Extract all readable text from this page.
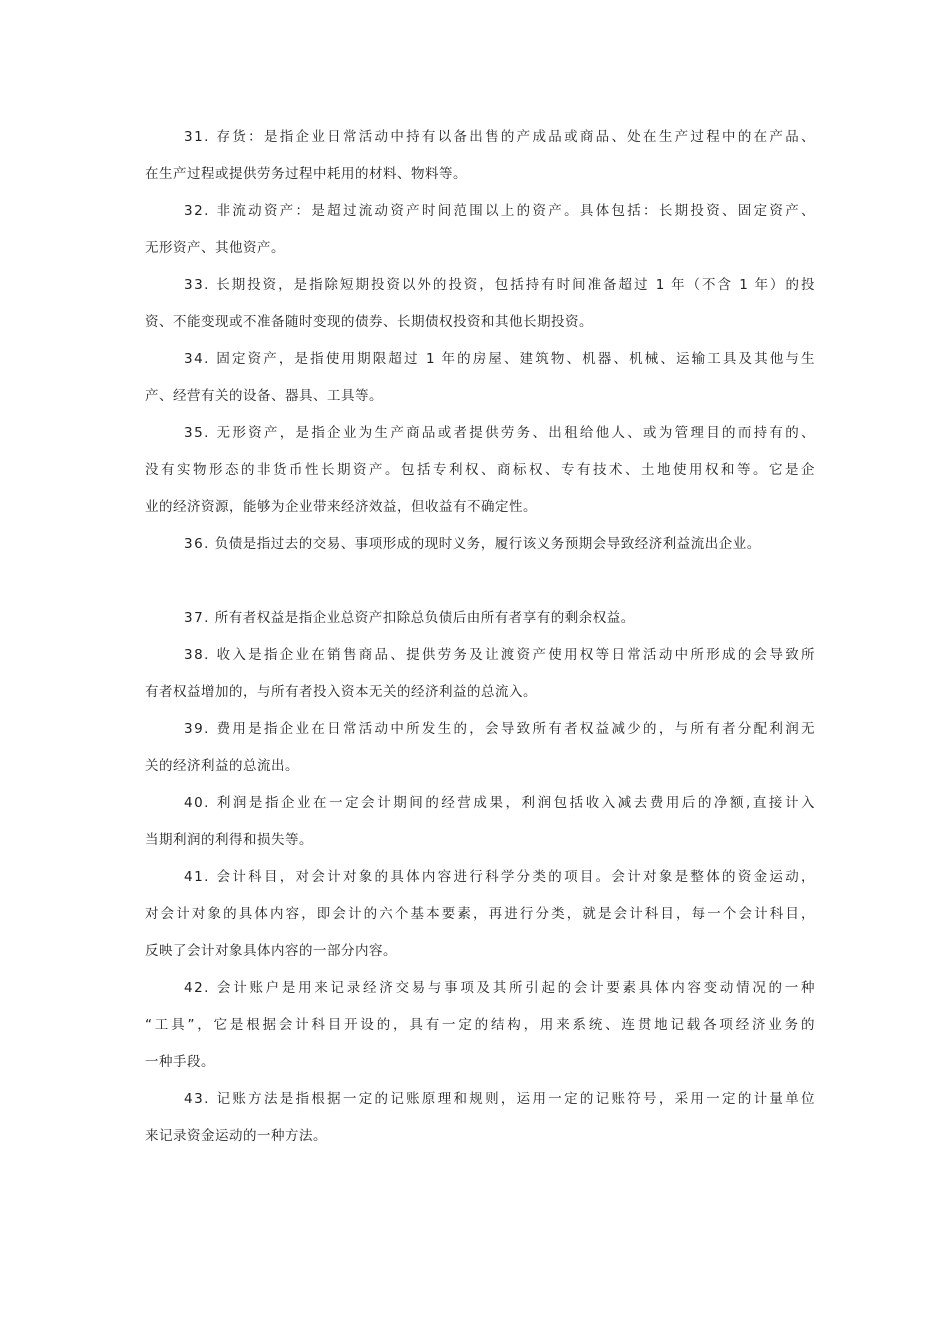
31. 存货：是指企业日常活动中持有以备出售的产成品或商品、处在生产过程中的在产品、
在生产过程或提供劳务过程中耗用的材料、物料等。
32. 非流动资产：是超过流动资产时间范围以上的资产。具体包括：长期投资、固定资产、
无形资产、其他资产。
33. 长期投资，是指除短期投资以外的投资，包括持有时间准备超过 1 年（不含 1 年）的投
资、不能变现或不准备随时变现的债券、长期债权投资和其他长期投资。
34. 固定资产，是指使用期限超过 1 年的房屋、建筑物、机器、机械、运输工具及其他与生
产、经营有关的设备、器具、工具等。
35. 无形资产，是指企业为生产商品或者提供劳务、出租给他人、或为管理目的而持有的、
没有实物形态的非货币性长期资产。包括专利权、商标权、专有技术、土地使用权和等。它是企
业的经济资源，能够为企业带来经济效益，但收益有不确定性。
36. 负债是指过去的交易、事项形成的现时义务，履行该义务预期会导致经济利益流出企业。
37. 所有者权益是指企业总资产扣除总负债后由所有者享有的剩余权益。
38. 收入是指企业在销售商品、提供劳务及让渡资产使用权等日常活动中所形成的会导致所
有者权益增加的，与所有者投入资本无关的经济利益的总流入。
39. 费用是指企业在日常活动中所发生的，会导致所有者权益减少的，与所有者分配利润无
关的经济利益的总流出。
40. 利润是指企业在一定会计期间的经营成果，利润包括收入减去费用后的净额,直接计入
当期利润的利得和损失等。
41. 会计科目，对会计对象的具体内容进行科学分类的项目。会计对象是整体的资金运动，
对会计对象的具体内容，即会计的六个基本要素，再进行分类，就是会计科目，每一个会计科目，
反映了会计对象具体内容的一部分内容。
42. 会计账户是用来记录经济交易与事项及其所引起的会计要素具体内容变动情况的一种
“工具”，它是根据会计科目开设的，具有一定的结构，用来系统、连贯地记载各项经济业务的
一种手段。
43. 记账方法是指根据一定的记账原理和规则，运用一定的记账符号，采用一定的计量单位
来记录资金运动的一种方法。
